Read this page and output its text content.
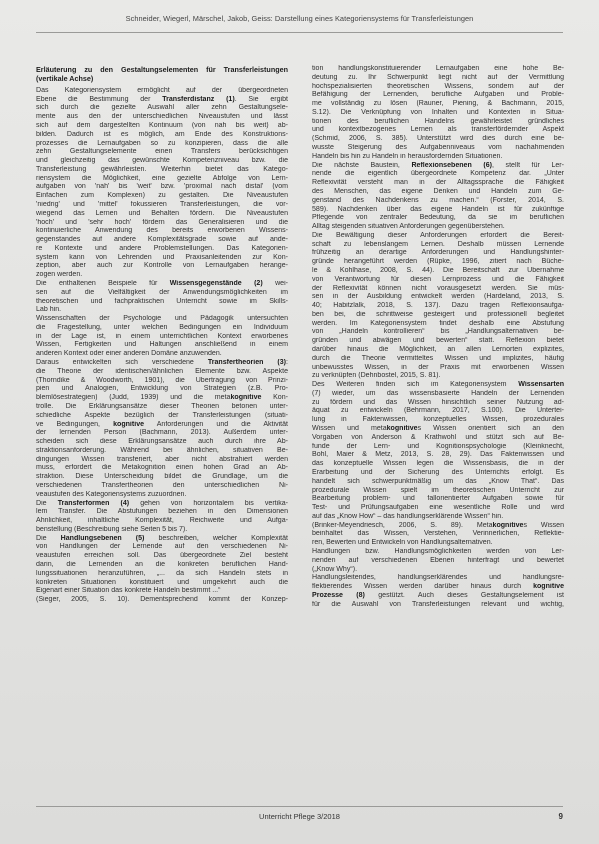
Schneider, Wiegerl, Märschel, Jakob, Geiss: Darstellung eines Kategoriensystems für Transferleistungen
Erläuterung zu den Gestaltungselementen für Transferleistungen (vertikale Achse)
Das Kategoriensystem ermöglicht auf der übergeordneten
Ebene die Bestimmung der Transferdistanz (1). Sie ergibt
sich durch die gezielte Auswahl aller zehn Gestaltungsele-
mente aus den der unterschiedlichen Niveaustufen und lässt
sich auf dem dargestellten Kontinuum (von nah bis weit) ab-
bilden. Dadurch ist es möglich, am Ende des Konstruktions-
prozesses die Lernaufgaben so zu konzipieren, dass die alle
zehn Gestaltungselemente einen Transfers berücksichtigen
und gleichzeitig das gewünschte Kompetenzniveau bzw. die
Transferleistung gewährleisten. Weiterhin bietet das Katego-
riensystem die Möglichkeit, eine gezielte Abfolge von Lern-
aufgaben von 'nah' bis 'weit' bzw. 'proximal nach distal' (vom
Einfachen zum Komplexen) zu gestalten. Die Niveaustufen
'niedrig' und 'mittel' fokussieren Transferleistungen, die vor-
wiegend das Lernen und Behalten fördern. Die Niveaustufen
'hoch' und 'sehr hoch' fördern das Generalisieren und die
kontinuierliche Anwendung des bereits erworbenen Wissens-
gegenstandes auf andere Komplexitätsgrade sowie auf ande-
re Kontexte und andere Problemstellungen. Das Kategorien-
system kann von Lehrenden und Praxisanleitenden zur Kon-
zeption, aber auch zur Kontrolle von Lernaufgaben herange-
zogen werden.
Die enthaltenen Beispiele für Wissensgegenstände (2) wei-
sen auf die Vielfältigkeit der Anwendungsmöglichkeiten im
theoretischen und fachpraktischen Unterricht sowie im Skills-
Lab hin.
Wissenschaften der Psychologie und Pädagogik untersuchten
die Fragestellung, unter welchen Bedingungen ein Individuum
in der Lage ist, in einem unterrichtlichen Kontext erworbenes
Wissen, Fertigkeiten und Haltungen anschließend in einem
anderen Kontext oder einer anderen Domäne anzuwenden.
Daraus entwickelten sich verschiedene Transfertheorien (3):
die Theorie der identischen/ähnlichen Elemente bzw. Aspekte
(Thorndike & Woodworth, 1901), die Übertragung von Prinzi-
pien und Analogien, Entwicklung von Strategien (z.B. Pro-
blemlösestrategien) (Judd, 1939) und die metakognitive Kon-
trolle. Die Erklärungsansätze dieser Theorien betonen unter-
schiedliche Aspekte bezüglich der Transferleistungen (situati-
ve Bedingungen, kognitive Anforderungen und die Aktivität
der lernenden Person (Bachmann, 2013). Außerdem unter-
scheiden sich diese Erklärungsansätze auch durch ihre Ab-
straktionsanforderung. Während bei ähnlichen, situativen Be-
dingungen Wissen transferiert, aber nicht abstrahiert werden
muss, erfordert die Metakognition einen hohen Grad an Ab-
straktion. Diese Unterscheidung bildet die Grundlage, um die
verschiedenen Transfertheorien den unterschiedlichen Ni-
veaustufen des Kategoriensystems zuzuordnen.
Die Transferformen (4) gehen von horizontalem bis vertika-
lem Transfer. Die Abstufungen beziehen in den Dimensionen
Ähnlichkeit, inhaltliche Komplexität, Reichweite und Aufga-
benstellung (Beschreibung siehe Seiten 5 bis 7).
Die Handlungsebenen (5) beschreiben, welcher Komplexität
von Handlungen der Lernende auf den verschiedenen Ni-
veaustufen erreichen soll. Das übergeordnete Ziel besteht
darin, die Lernenden an die konkreten beruflichen Hand-
lungssituationen heranzuführen, „... da sich Handeln stets in
konkreten Situationen konstituiert und umgekehrt auch die
Eigenart einer Situation das konkrete Handeln bestimmt ...“
(Sieger, 2005, S. 10). Dementsprechend kommt der Konzep-
tion handlungskonstituierender Lernaufgaben eine hohe Be-
deutung zu. Ihr Schwerpunkt liegt nicht auf der Vermittlung
hochspezialisierten theoretischen Wissens, sondern auf der
Befähigung der Lernenden, berufliche Aufgaben und Proble-
me vollständig zu lösen (Rauner, Piening, & Bachmann, 2015,
S.12). Die Verknüpfung von Inhalten und Kontexten in Situa-
tionen des beruflichen Handelns gewährleistet gründliches
und kontextbezogenes Lernen als transferfördernder Aspekt
(Schmid, 2006, S. 385). Unterstützt wird dies durch eine be-
wusste Steigerung des Aufgabenniveaus vom nachahmenden
Handeln bis hin zu Handeln in herausfordernden Situationen.
Die nächste Baustein, Reflexionsebenen (6), stellt für Ler-
nende die eigentlich übergeordnete Kompetenz dar. „Unter
Reflexivität versteht man in der Alltagssprache die Fähigkeit
des Menschen, das eigene Denken und Handeln zum Ge-
genstand des Nachdenkens zu machen.“ (Forster, 2014, S.
589). Nachdenken über das eigene Handeln ist für zukünftige
Pflegende von zentraler Bedeutung, da sie im beruflichen
Alltag steigenden situativen Anforderungen gegenüberstehen.
Die Bewältigung dieser Anforderungen erfordert die Bereit-
schaft zu lebenslangem Lernen. Deshalb müssen Lernende
frühzeitig an derartige Anforderungen und Handlungshinter-
gründe herangeführt werden (Rüpke, 1996, zitiert nach Büche-
le & Kohlhase, 2008, S. 44). Die Bereitschaft zur Übernahme
von Verantwortung für diesen Lernprozess und die Fähigkeit
der Reflexivität können nicht vorausgesetzt werden. Sie müs-
sen in der Ausbildung entwickelt werden (Hardeland, 2013, S.
40; Habitzlalk, 2018, S. 137). Dazu tragen Reflexionsaufga-
ben bei, die schrittweise gesteigert und professionell begleitet
werden. Im Kategoriensystem findet deshalb eine Abstufung
von „Handeln kontrollieren“ bis „Handlungsalternativen be-
gründen und abwägen und bewerten“ statt. Reflexion bietet
darüber hinaus die Möglichkeit, an allen Lernorten explizites,
durch die Theorie vermitteltes Wissen und implizites, häufig
unbewusstes Wissen, in der Praxis mit erworbenen Wissen
zu verknüpfen (Dehnbostel, 2015, S. 81).
Des Weiteren finden sich im Kategoriensystem Wissensarten
(7) wieder, um das wissensbasierte Handeln der Lernenden
zu fördern und das Wissen hinsichtlich seiner Nutzung ad-
äquat zu entwickeln (Behrmann, 2017, S.100). Die Untertei-
lung in Faktenwissen, konzeptuelles Wissen, prozedurales
Wissen und metakognitives Wissen orientiert sich an den
Vorgaben von Anderson & Krathwohl und stützt sich auf Be-
funde der Lern- und Kognitionspsychologie (Kleinknecht,
Bohl, Maier & Metz, 2013, S. 28, 29). Das Faktenwissen und
das konzeptuelle Wissen legen die Wissensbasis, die in der
Erarbeitung und der Sicherung des Unterrichts erfolgt. Es
handelt sich schwerpunktmäßig um das „Know That“. Das
prozedurale Wissen spielt im theoretischen Unterricht zur
Bearbeitung problem- und fallorientierter Aufgaben sowie für
Test- und Prüfungsaufgaben eine wesentliche Rolle und wird
auf das „Know How“ – das handlungserklärende Wissen“ hin.
(Brinker-Meyendriesch, 2006, S. 89). Metakognitives Wissen
beinhaltet das Wissen, Verstehen, Verinnerlichen, Reflektie-
ren, Bewerten und Entwickeln von Handlungsalternativen.
Handlungen bzw. Handlungsmöglichkeiten werden von Ler-
nenden auf verschiedenen Ebenen hinterfragt und bewertet
(„Know Why“).
Handlungsleitendes, handlungserklärendes und handlungsre-
flektierendes Wissen werden darüber hinaus durch kognitive
Prozesse (8) gestützt. Auch dieses Gestaltungselement ist
für die Auswahl von Transferleistungen relevant und wichtig,
Unterricht Pflege 3/2018	9
